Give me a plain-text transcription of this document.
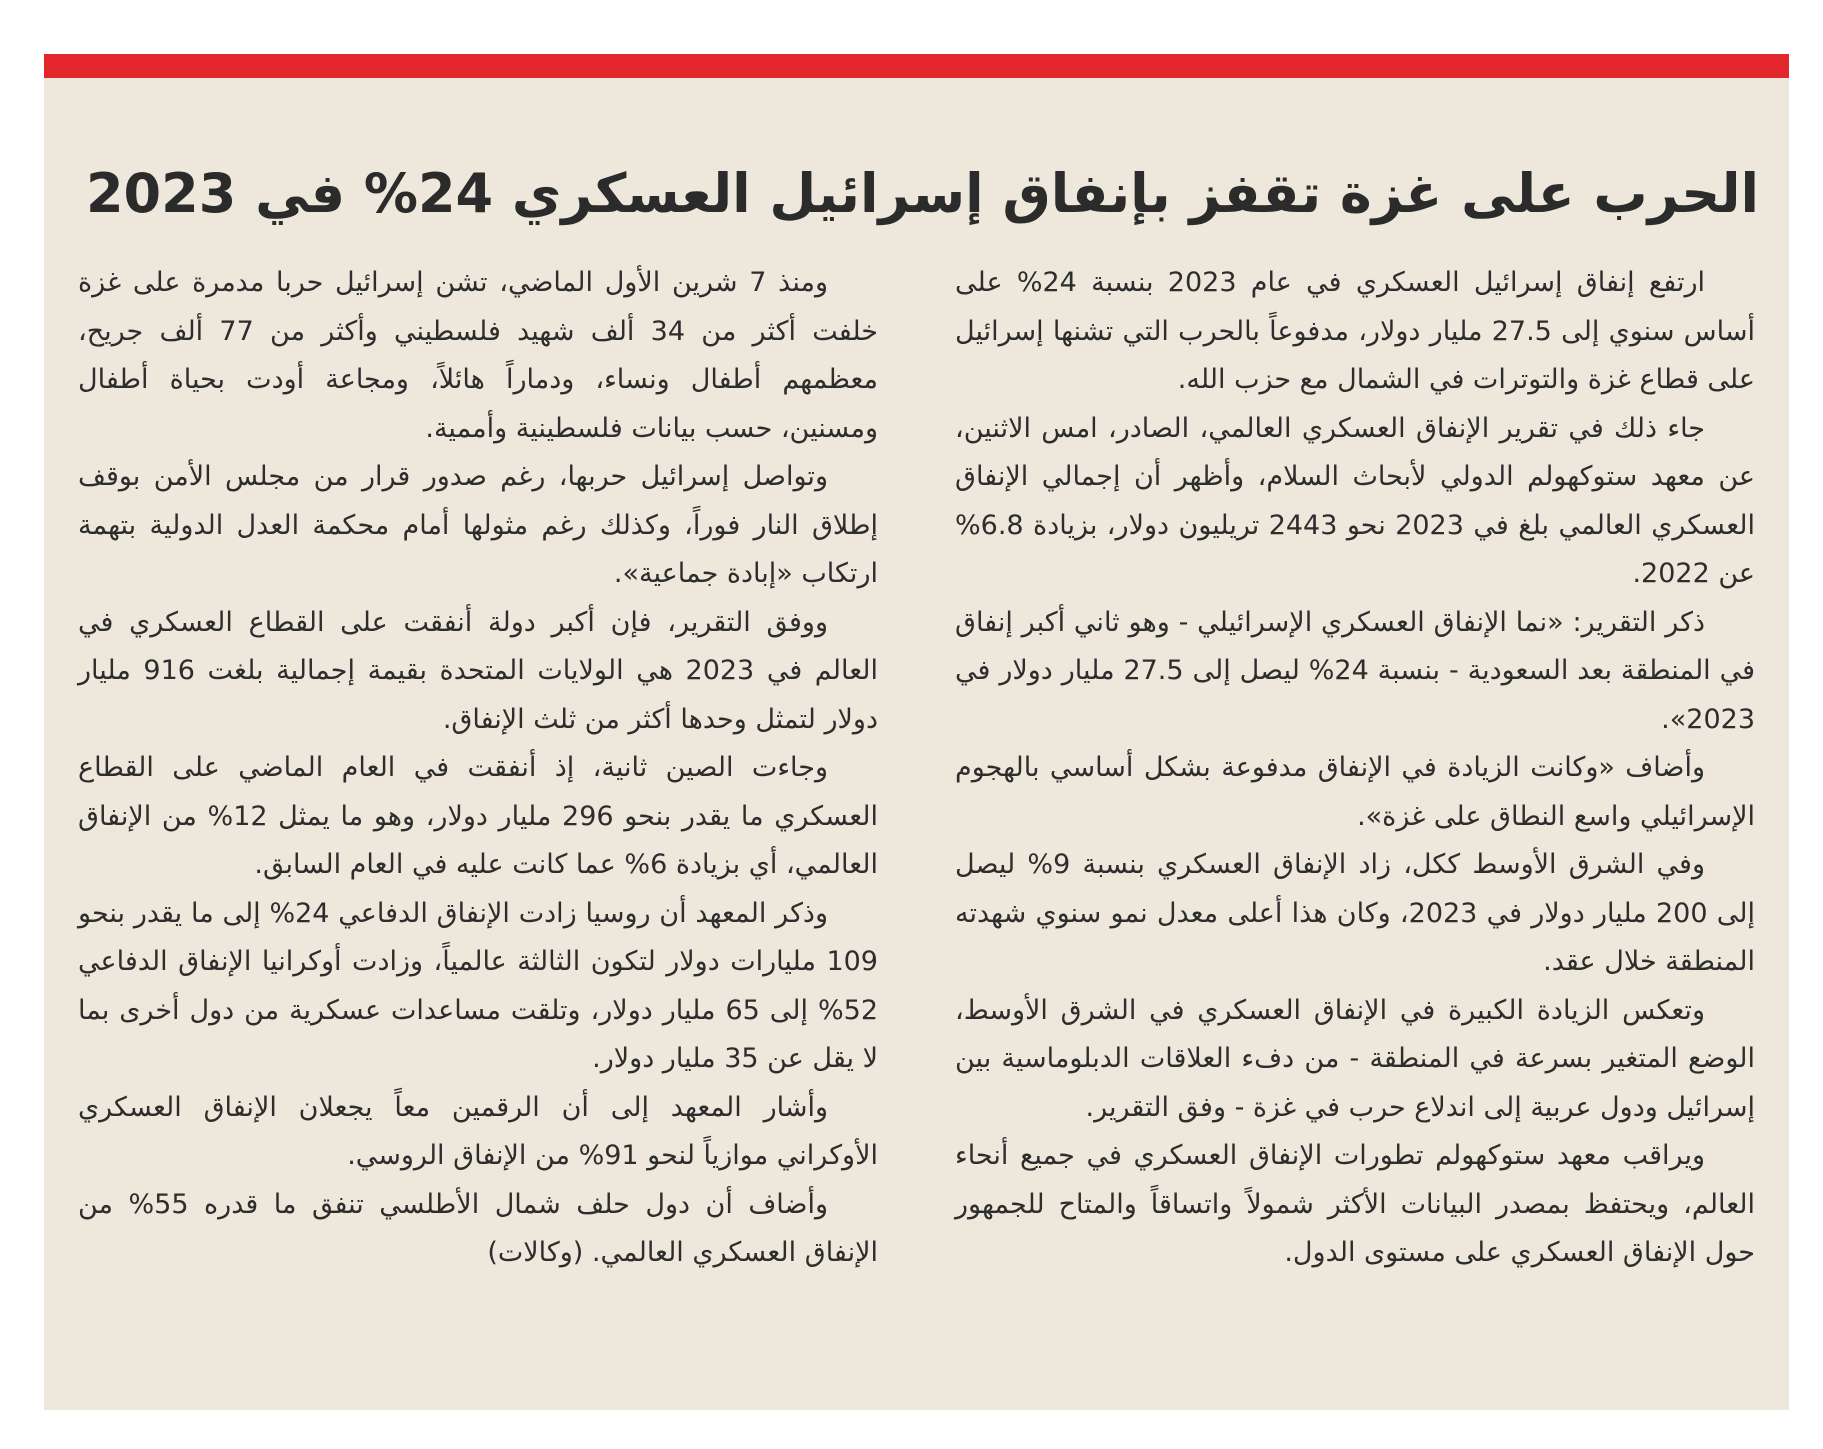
الحرب على غزة تقفز بإنفاق إسرائيل العسكري 24% في 2023

ارتفع إنفاق إسرائيل العسكري في عام 2023 بنسبة 24% على أساس سنوي إلى 27.5 مليار دولار، مدفوعاً بالحرب التي تشنها إسرائيل على قطاع غزة والتوترات في الشمال مع حزب الله.

جاء ذلك في تقرير الإنفاق العسكري العالمي، الصادر، امس الاثنين، عن معهد ستوكهولم الدولي لأبحاث السلام، وأظهر أن إجمالي الإنفاق العسكري العالمي بلغ في 2023 نحو 2443 تريليون دولار، بزيادة 6.8% عن 2022.

ذكر التقرير: «نما الإنفاق العسكري الإسرائيلي - وهو ثاني أكبر إنفاق في المنطقة بعد السعودية - بنسبة 24% ليصل إلى 27.5 مليار دولار في 2023».

وأضاف «وكانت الزيادة في الإنفاق مدفوعة بشكل أساسي بالهجوم الإسرائيلي واسع النطاق على غزة».

وفي الشرق الأوسط ككل، زاد الإنفاق العسكري بنسبة 9% ليصل إلى 200 مليار دولار في 2023، وكان هذا أعلى معدل نمو سنوي شهدته المنطقة خلال عقد.

وتعكس الزيادة الكبيرة في الإنفاق العسكري في الشرق الأوسط، الوضع المتغير بسرعة في المنطقة - من دفء العلاقات الدبلوماسية بين إسرائيل ودول عربية إلى اندلاع حرب في غزة - وفق التقرير.

ويراقب معهد ستوكهولم تطورات الإنفاق العسكري في جميع أنحاء العالم، ويحتفظ بمصدر البيانات الأكثر شمولاً واتساقاً والمتاح للجمهور حول الإنفاق العسكري على مستوى الدول.

ومنذ 7 شرين الأول الماضي، تشن إسرائيل حربا مدمرة على غزة خلفت أكثر من 34 ألف شهيد فلسطيني وأكثر من 77 ألف جريح، معظمهم أطفال ونساء، ودماراً هائلاً، ومجاعة أودت بحياة أطفال ومسنين، حسب بيانات فلسطينية وأممية.

وتواصل إسرائيل حربها، رغم صدور قرار من مجلس الأمن بوقف إطلاق النار فوراً، وكذلك رغم مثولها أمام محكمة العدل الدولية بتهمة ارتكاب «إبادة جماعية».

ووفق التقرير، فإن أكبر دولة أنفقت على القطاع العسكري في العالم في 2023 هي الولايات المتحدة بقيمة إجمالية بلغت 916 مليار دولار لتمثل وحدها أكثر من ثلث الإنفاق.

وجاءت الصين ثانية، إذ أنفقت في العام الماضي على القطاع العسكري ما يقدر بنحو 296 مليار دولار، وهو ما يمثل 12% من الإنفاق العالمي، أي بزيادة 6% عما كانت عليه في العام السابق.

وذكر المعهد أن روسيا زادت الإنفاق الدفاعي 24% إلى ما يقدر بنحو 109 مليارات دولار لتكون الثالثة عالمياً، وزادت أوكرانيا الإنفاق الدفاعي 52% إلى 65 مليار دولار، وتلقت مساعدات عسكرية من دول أخرى بما لا يقل عن 35 مليار دولار.

وأشار المعهد إلى أن الرقمين معاً يجعلان الإنفاق العسكري الأوكراني موازياً لنحو 91% من الإنفاق الروسي.

وأضاف أن دول حلف شمال الأطلسي تنفق ما قدره 55% من الإنفاق العسكري العالمي. (وكالات)
